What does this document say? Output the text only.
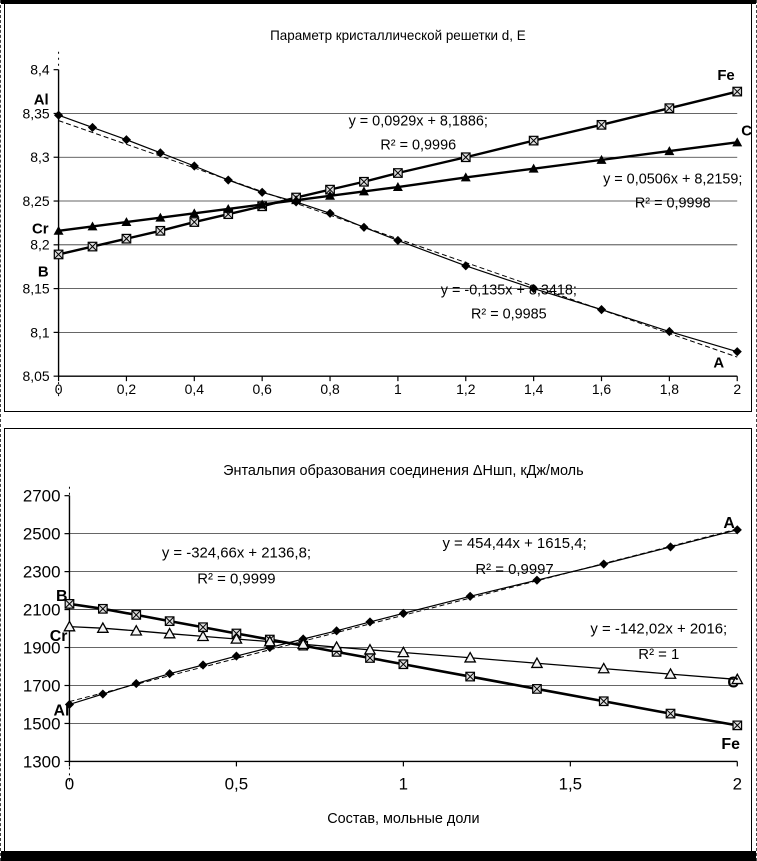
Параметр кристаллической решетки d, E
8,05
8,1
8,15
8,2
8,25
8,3
8,35
8,4
0	0,2	0,4	0,6	0,8	1	1,2	1,4	1,6	1,8	2
y = 0,0929x + 8,1886;
R² = 0,9996
y = 0,0506x + 8,2159;
R² = 0,9998
y = -0,135x + 8,3418;
R² = 0,9985
Al
Cr
B
Fe
C
A
Энтальпия образования соединения ΔНшп, кДж/моль
1300
1500
1700
1900
2100
2300
2500
2700
0	0,5	1	1,5	2
Состав, мольные доли
y = -324,66x + 2136,8;
R² = 0,9999
y = 454,44x + 1615,4;
R² = 0,9997
y = -142,02x + 2016;
R² = 1
B
Cr
Al
A
C
Fe
